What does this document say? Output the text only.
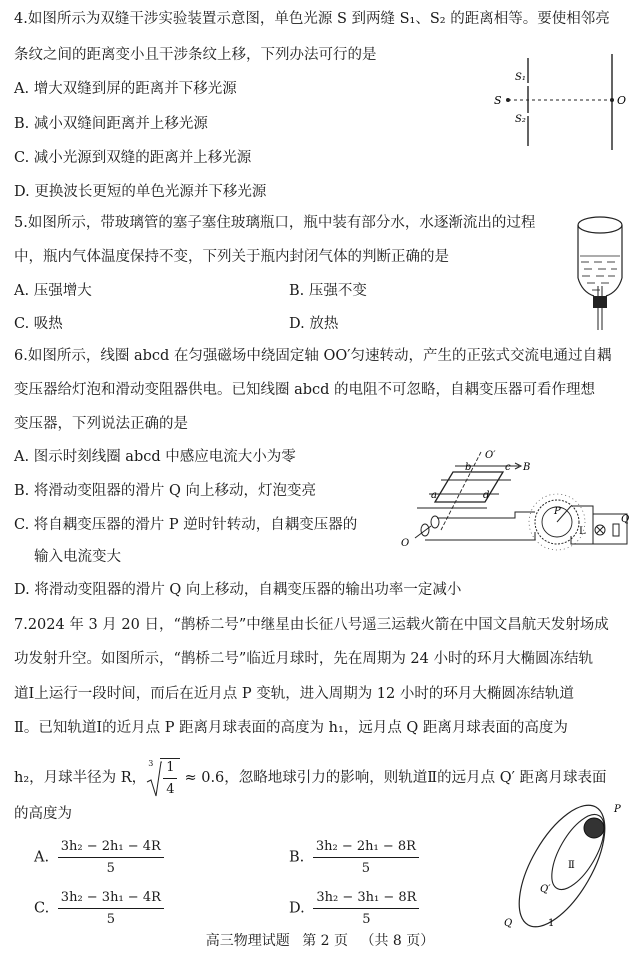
4.如图所示为双缝干涉实验装置示意图，单色光源 S 到两缝 S₁、S₂ 的距离相等。要使相邻亮
条纹之间的距离变小且干涉条纹上移，下列办法可行的是
A. 增大双缝到屏的距离并下移光源
B. 减小双缝间距离并上移光源
C. 减小光源到双缝的距离并上移光源
D. 更换波长更短的单色光源并下移光源
S₁
S
S₂
O
5.如图所示，带玻璃管的塞子塞住玻璃瓶口，瓶中装有部分水，水逐渐流出的过程
中，瓶内气体温度保持不变，下列关于瓶内封闭气体的判断正确的是
A. 压强增大	B. 压强不变
C. 吸热	D. 放热
6.如图所示，线圈 abcd 在匀强磁场中绕固定轴 OO′匀速转动，产生的正弦式交流电通过自耦
变压器给灯泡和滑动变阻器供电。已知线圈 abcd 的电阻不可忽略，自耦变压器可看作理想
变压器，下列说法正确的是
A. 图示时刻线圈 abcd 中感应电流大小为零
B. 将滑动变阻器的滑片 Q 向上移动，灯泡变亮
C. 将自耦变压器的滑片 P 逆时针转动，自耦变压器的
输入电流变大
D. 将滑动变阻器的滑片 Q 向上移动，自耦变压器的输出功率一定减小
O′
b	c B
a	d
O
P
L
Q
7.2024 年 3 月 20 日，“鹊桥二号”中继星由长征八号遥三运载火箭在中国文昌航天发射场成
功发射升空。如图所示，“鹊桥二号”临近月球时，先在周期为 24 小时的环月大椭圆冻结轨
道Ⅰ上运行一段时间，而后在近月点 P 变轨，进入周期为 12 小时的环月大椭圆冻结轨道
Ⅱ。已知轨道Ⅰ的近月点 P 距离月球表面的高度为 h₁，远月点 Q 距离月球表面的高度为
h₂，月球半径为 R，
$3 \frac{1}{4} \approx 0.6$，忽略地球引力的影响，则轨道Ⅱ的远月点 Q′ 距离月球表面
的高度为
A. $\frac{\text{3h₂ − 2h₁ − 4R}}{5}$	B. $\frac{\text{3h₂ − 2h₁ − 8R}}{5}$
C. $\frac{\text{3h₂ − 3h₁ − 4R}}{5}$	D. $\frac{\text{3h₂ − 3h₁ − 8R}}{5}$
P
Ⅱ
Q′
Q	1
高三物理试题 第 2 页 （共 8 页）
